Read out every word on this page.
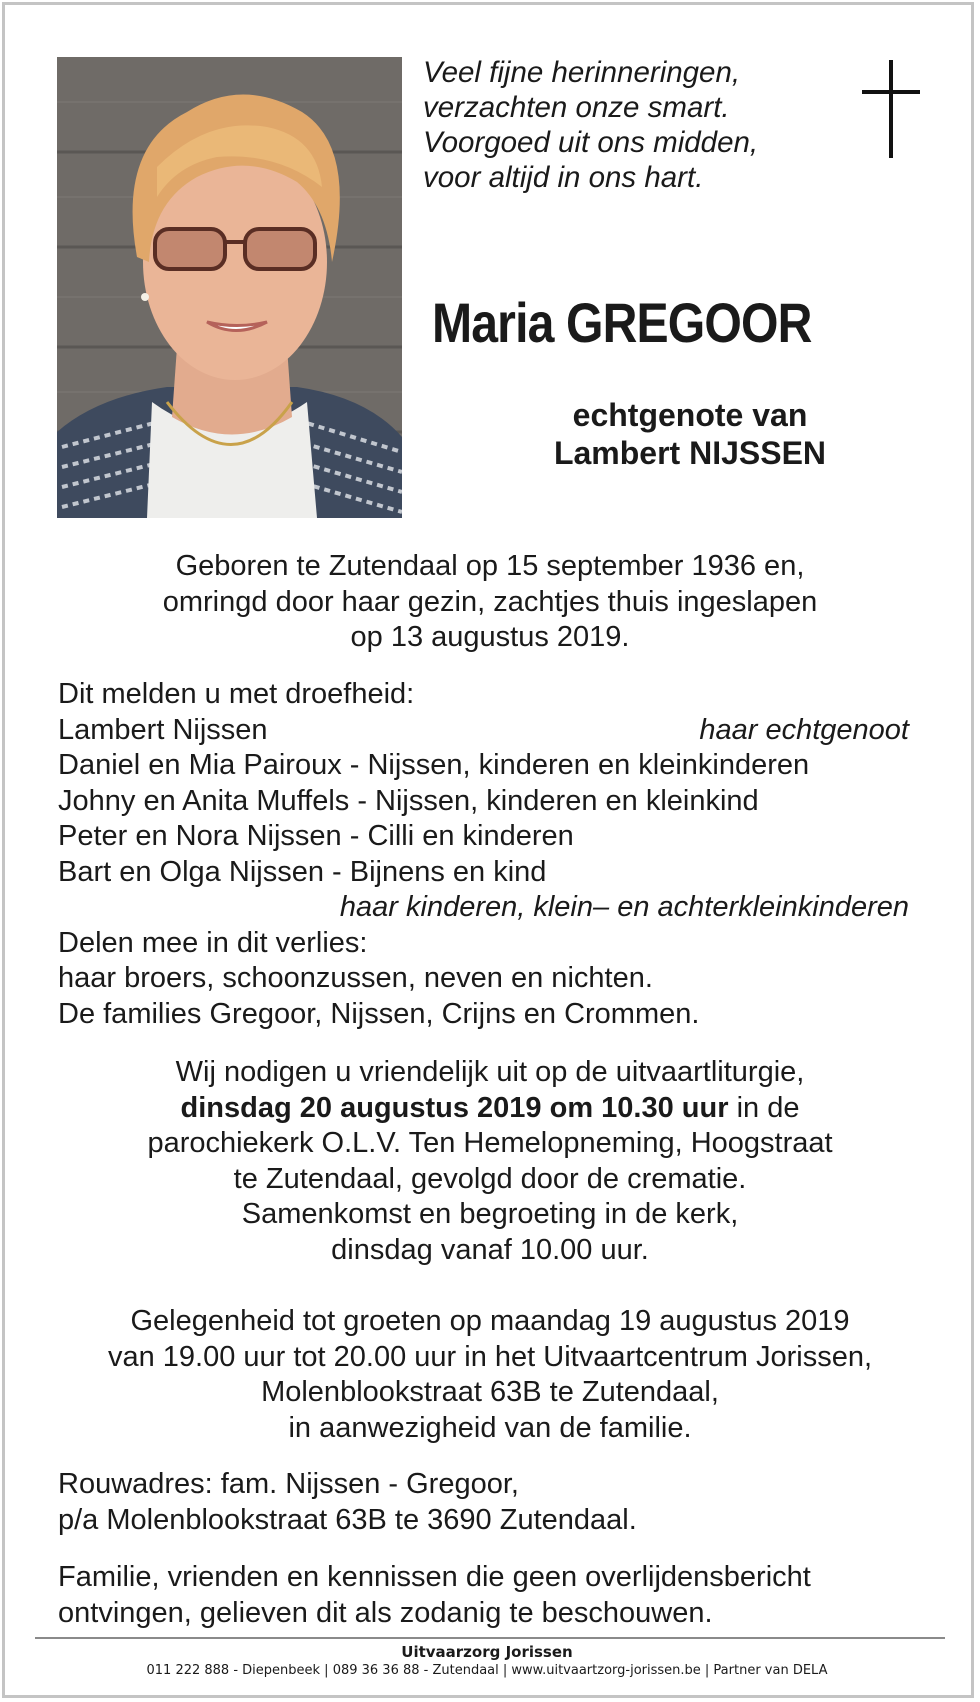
Veel fijne herinneringen,
verzachten onze smart.
Voorgoed uit ons midden,
voor altijd in ons hart.
Maria GREGOOR
echtgenote van
Lambert NIJSSEN
Geboren te Zutendaal op 15 september 1936 en,
omringd door haar gezin, zachtjes thuis ingeslapen
op 13 augustus 2019.
Dit melden u met droefheid:
Lambert Nijssen	haar echtgenoot
Daniel en Mia Pairoux - Nijssen, kinderen en kleinkinderen
Johny en Anita Muffels - Nijssen, kinderen en kleinkind
Peter en Nora Nijssen - Cilli en kinderen
Bart en Olga Nijssen - Bijnens en kind
haar kinderen, klein– en achterkleinkinderen
Delen mee in dit verlies:
haar broers, schoonzussen, neven en nichten.
De families Gregoor, Nijssen, Crijns en Crommen.
Wij nodigen u vriendelijk uit op de uitvaartliturgie,
dinsdag 20 augustus 2019 om 10.30 uur in de
parochiekerk O.L.V. Ten Hemelopneming, Hoogstraat
te Zutendaal, gevolgd door de crematie.
Samenkomst en begroeting in de kerk,
dinsdag vanaf 10.00 uur.
Gelegenheid tot groeten op maandag 19 augustus 2019
van 19.00 uur tot 20.00 uur in het Uitvaartcentrum Jorissen,
Molenblookstraat 63B te Zutendaal,
in aanwezigheid van de familie.
Rouwadres: fam. Nijssen - Gregoor,
p/a Molenblookstraat 63B te 3690 Zutendaal.
Familie, vrienden en kennissen die geen overlijdensbericht
ontvingen, gelieven dit als zodanig te beschouwen.
Uitvaarzorg Jorissen
011 222 888 - Diepenbeek | 089 36 36 88 - Zutendaal | www.uitvaartzorg-jorissen.be | Partner van DELA
